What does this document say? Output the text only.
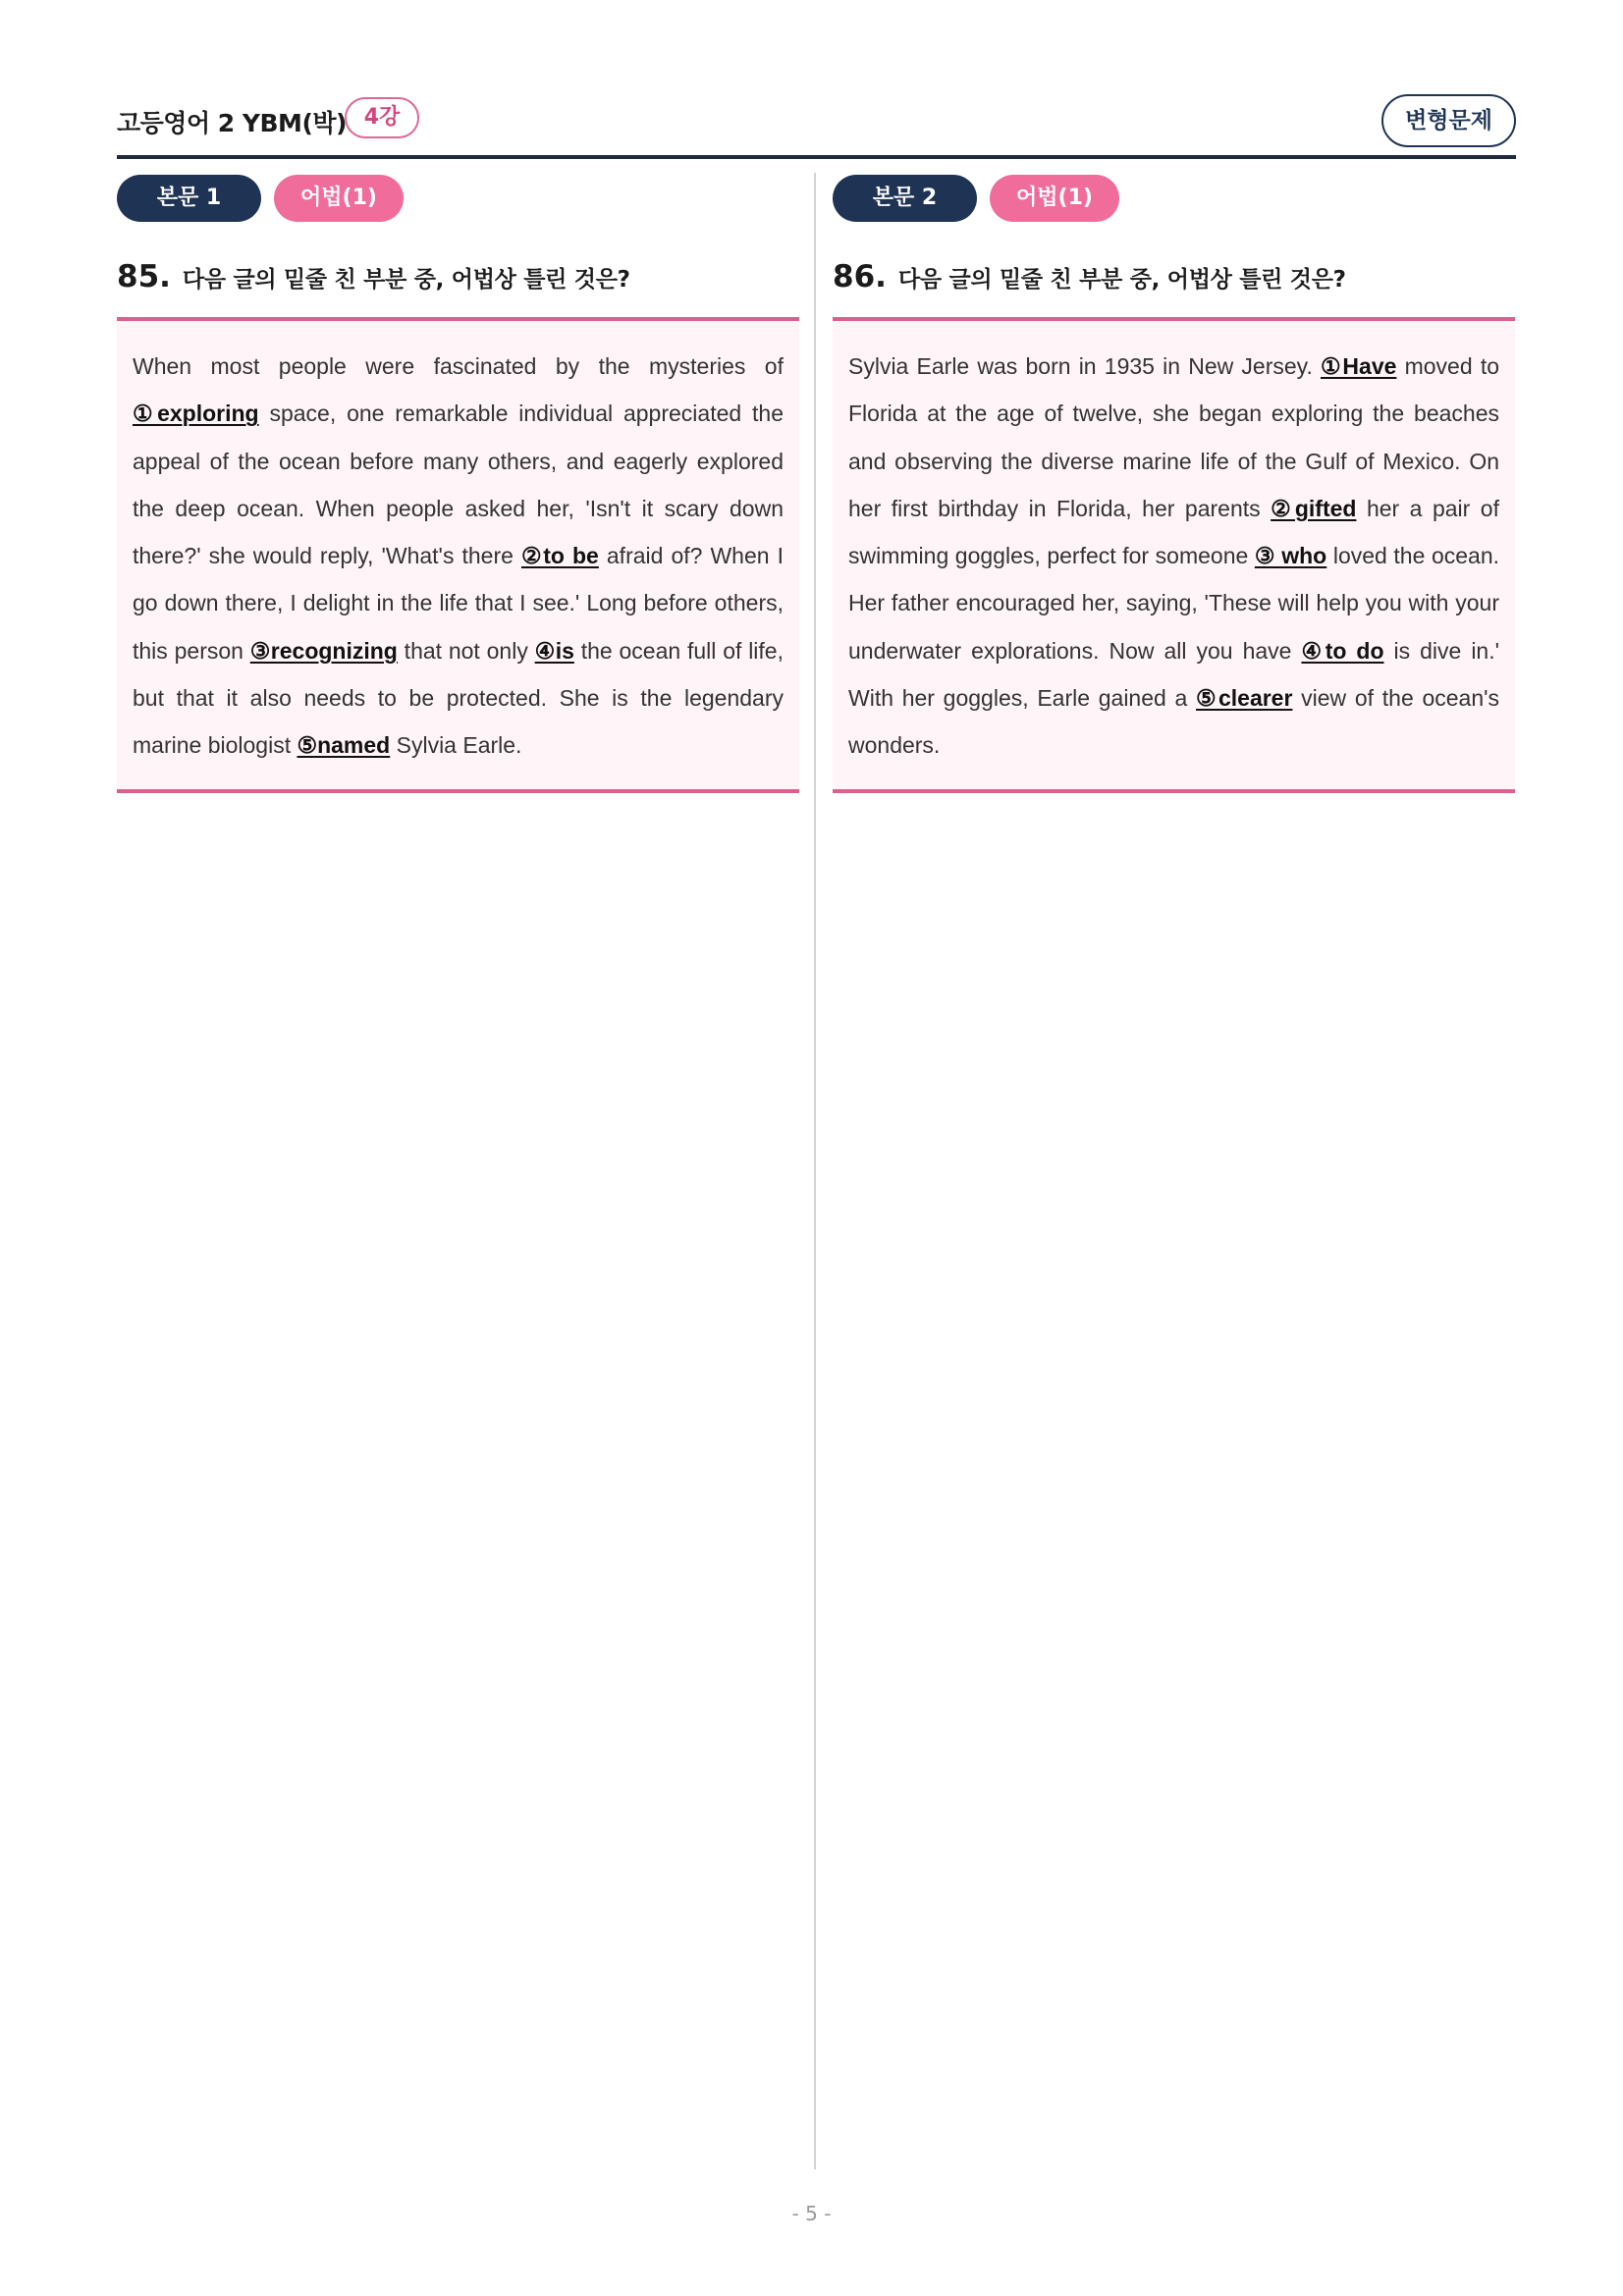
고등영어 2 YBM(박) 4강	변형문제
본문 1	어법(1)
85. 다음 글의 밑줄 친 부분 중, 어법상 틀린 것은?

When most people were fascinated by the mysteries of ①exploring space, one remarkable individual appreciated the appeal of the ocean before many others, and eagerly explored the deep ocean. When people asked her, 'Isn't it scary down there?' she would reply, 'What's there ②to be afraid of? When I go down there, I delight in the life that I see.' Long before others, this person ③recognizing that not only ④is the ocean full of life, but that it also needs to be protected. She is the legendary marine biologist ⑤named Sylvia Earle.

본문 2	어법(1)
86. 다음 글의 밑줄 친 부분 중, 어법상 틀린 것은?

Sylvia Earle was born in 1935 in New Jersey. ①Have moved to Florida at the age of twelve, she began exploring the beaches and observing the diverse marine life of the Gulf of Mexico. On her first birthday in Florida, her parents ②gifted her a pair of swimming goggles, perfect for someone ③ who loved the ocean. Her father encouraged her, saying, 'These will help you with your underwater explorations. Now all you have ④to do is dive in.' With her goggles, Earle gained a ⑤clearer view of the ocean's wonders.

- 5 -
